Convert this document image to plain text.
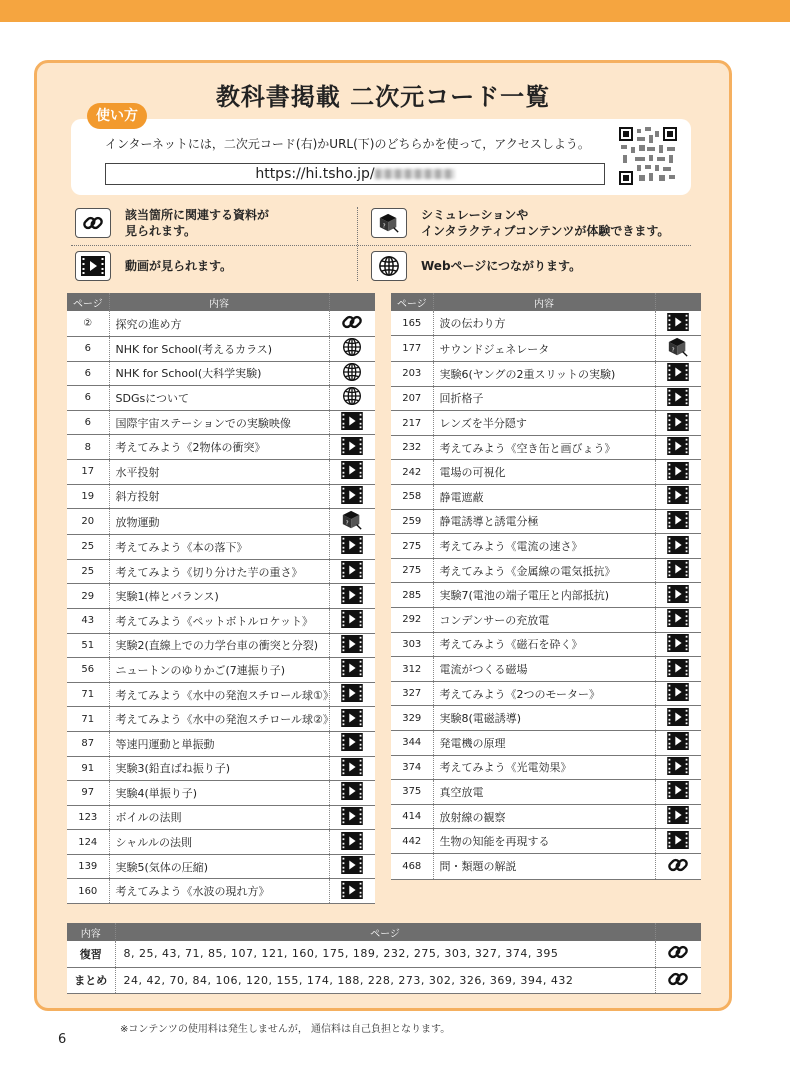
教科書掲載 二次元コード一覧
使い方
インターネットには，二次元コード(右)かURL(下)のどちらかを使って，アクセスしよう。
https://hi.tsho.jp/
該当箇所に関連する資料が
見られます。	?
シミュレーションや
インタラクティブコンテンツが体験できます。
動画が見られます。	Webページにつながります。
ページ	内容	
②	探究の進め方	
6	NHK for School(考えるカラス)	
6	NHK for School(大科学実験)	
6	SDGsについて	
6	国際宇宙ステーションでの実験映像	
8	考えてみよう《2物体の衝突》	
17	水平投射	
19	斜方投射	
20	放物運動	?

25	考えてみよう《本の落下》	
25	考えてみよう《切り分けた芋の重さ》	
29	実験1(棒とバランス)	
43	考えてみよう《ペットボトルロケット》	
51	実験2(直線上での力学台車の衝突と分裂)	
56	ニュートンのゆりかご(7連振り子)	
71	考えてみよう《水中の発泡スチロール球①》	
71	考えてみよう《水中の発泡スチロール球②》	
87	等速円運動と単振動	
91	実験3(鉛直ばね振り子)	
97	実験4(単振り子)	
123	ボイルの法則	
124	シャルルの法則	
139	実験5(気体の圧縮)	
160	考えてみよう《水波の現れ方》	
ページ	内容	
165	波の伝わり方	
177	サウンドジェネレータ	?

203	実験6(ヤングの2重スリットの実験)	
207	回折格子	
217	レンズを半分隠す	
232	考えてみよう《空き缶と画びょう》	
242	電場の可視化	
258	静電遮蔽	
259	静電誘導と誘電分極	
275	考えてみよう《電流の速さ》	
275	考えてみよう《金属線の電気抵抗》	
285	実験7(電池の端子電圧と内部抵抗)	
292	コンデンサーの充放電	
303	考えてみよう《磁石を砕く》	
312	電流がつくる磁場	
327	考えてみよう《2つのモーター》	
329	実験8(電磁誘導)	
344	発電機の原理	
374	考えてみよう《光電効果》	
375	真空放電	
414	放射線の観察	
442	生物の知能を再現する	
468	問・類題の解説	
内容	ページ	
復習	8, 25, 43, 71, 85, 107, 121, 160, 175, 189, 232, 275, 303, 327, 374, 395	
まとめ	24, 42, 70, 84, 106, 120, 155, 174, 188, 228, 273, 302, 326, 369, 394, 432	
※コンテンツの使用料は発生しませんが， 通信料は自己負担となります。
6
